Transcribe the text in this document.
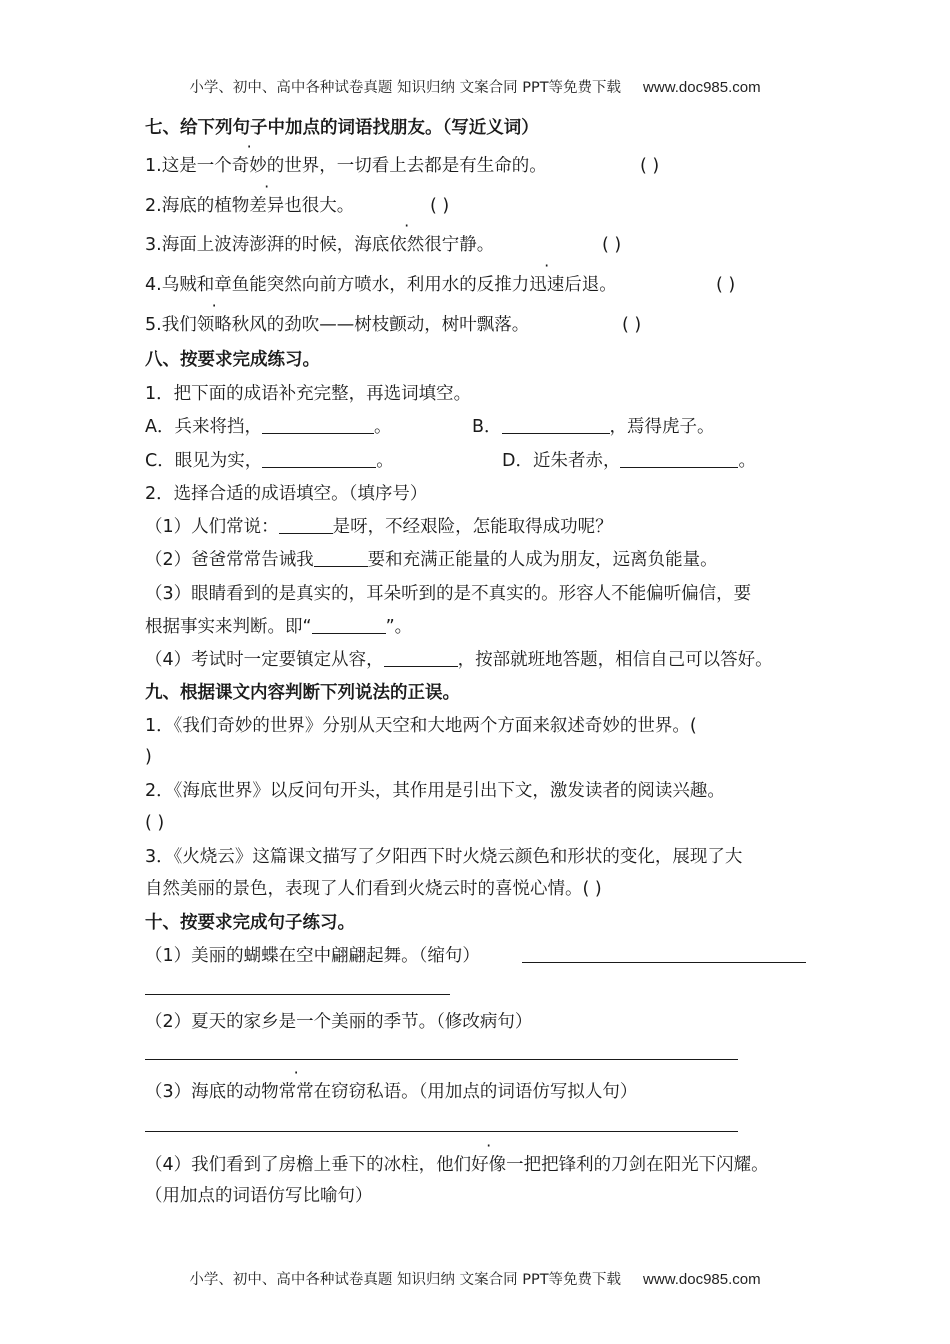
小学、初中、高中各种试卷真题 知识归纳 文案合同 PPT等免费下载 www.doc985.com
七、给下列句子中加点的词语找朋友。（写近义词）
1.这是一个奇妙的世界，一切看上去都是有生命的。	( )
2.海底的植物差异也很大。	( )
3.海面上波涛澎湃的时候，海底依然很宁静。	( )
4.乌贼和章鱼能突然向前方喷水，利用水的反推力迅速后退。	( )
5.我们领略秋风的劲吹——树枝颤动，树叶飘落。	( )
八、按要求完成练习。
1．把下面的成语补充完整，再选词填空。
A．兵来将挡，	。	B．	，焉得虎子。
C．眼见为实，	。	D．近朱者赤，	。
2．选择合适的成语填空。（填序号）
（1）人们常说：	是呀，不经艰险，怎能取得成功呢？
（2）爸爸常常告诫我	要和充满正能量的人成为朋友，远离负能量。
（3）眼睛看到的是真实的，耳朵听到的是不真实的。形容人不能偏听偏信，要
根据事实来判断。即“	”。
（4）考试时一定要镇定从容，	，按部就班地答题，相信自己可以答好。
九、根据课文内容判断下列说法的正误。
1．《我们奇妙的世界》分别从天空和大地两个方面来叙述奇妙的世界。(
)
2．《海底世界》以反问句开头，其作用是引出下文，激发读者的阅读兴趣。
( )
3．《火烧云》这篇课文描写了夕阳西下时火烧云颜色和形状的变化，展现了大
自然美丽的景色，表现了人们看到火烧云时的喜悦心情。( )
十、按要求完成句子练习。
（1）美丽的蝴蝶在空中翩翩起舞。（缩句）
（2）夏天的家乡是一个美丽的季节。（修改病句）
（3）海底的动物常常在窃窃私语。（用加点的词语仿写拟人句）
（4）我们看到了房檐上垂下的冰柱，他们好像一把把锋利的刀剑在阳光下闪耀。
（用加点的词语仿写比喻句）
小学、初中、高中各种试卷真题 知识归纳 文案合同 PPT等免费下载 www.doc985.com
